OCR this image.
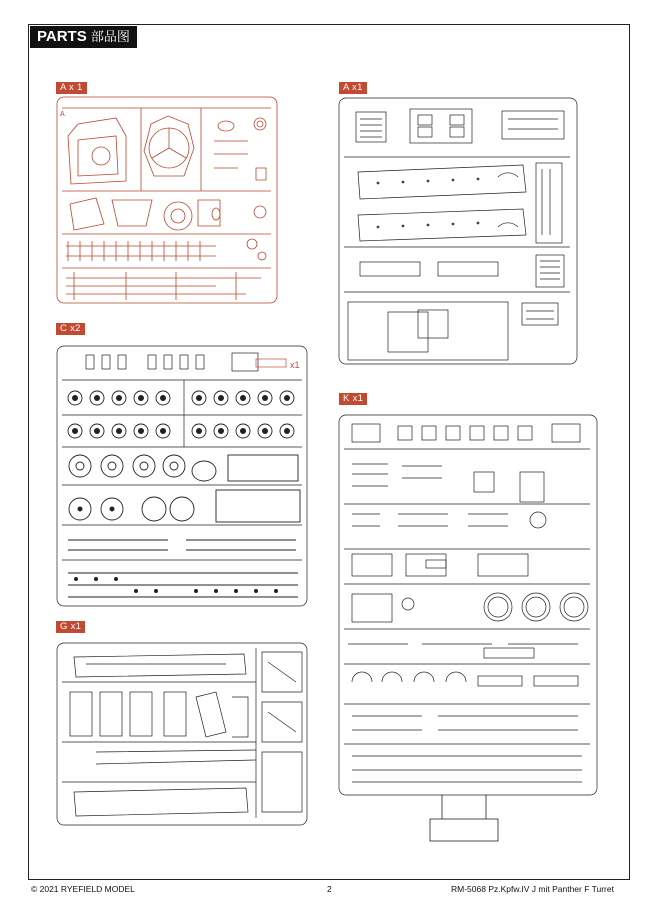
PARTS 部品图
A x 1	A x1
C x2
K x1
G x1
A
x1
© 2021 RYEFIELD MODEL	2	RM-5068 Pz.Kpfw.IV J mit Panther F Turret
